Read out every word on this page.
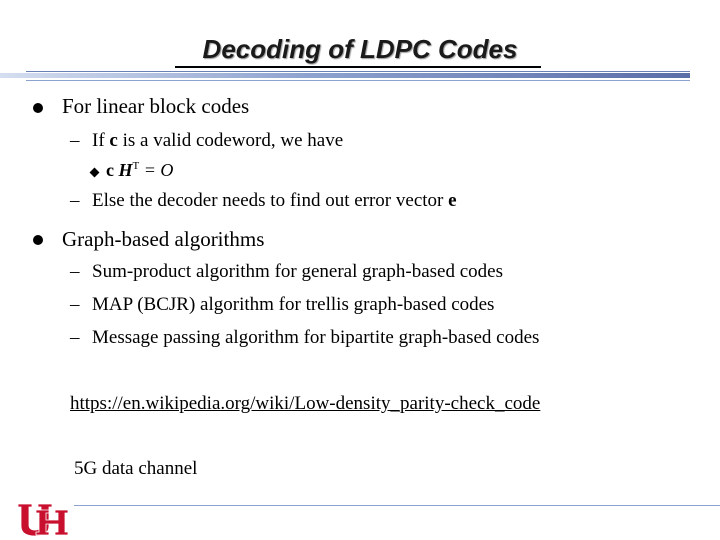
Decoding of LDPC Codes
For linear block codes
– If c is a valid codeword, we have
c $H^T = O$
– Else the decoder needs to find out error vector e
Graph-based algorithms
– Sum-product algorithm for general graph-based codes
– MAP (BCJR) algorithm for trellis graph-based codes
– Message passing algorithm for bipartite graph-based codes
https://en.wikipedia.org/wiki/Low-density_parity-check_code
5G data channel
